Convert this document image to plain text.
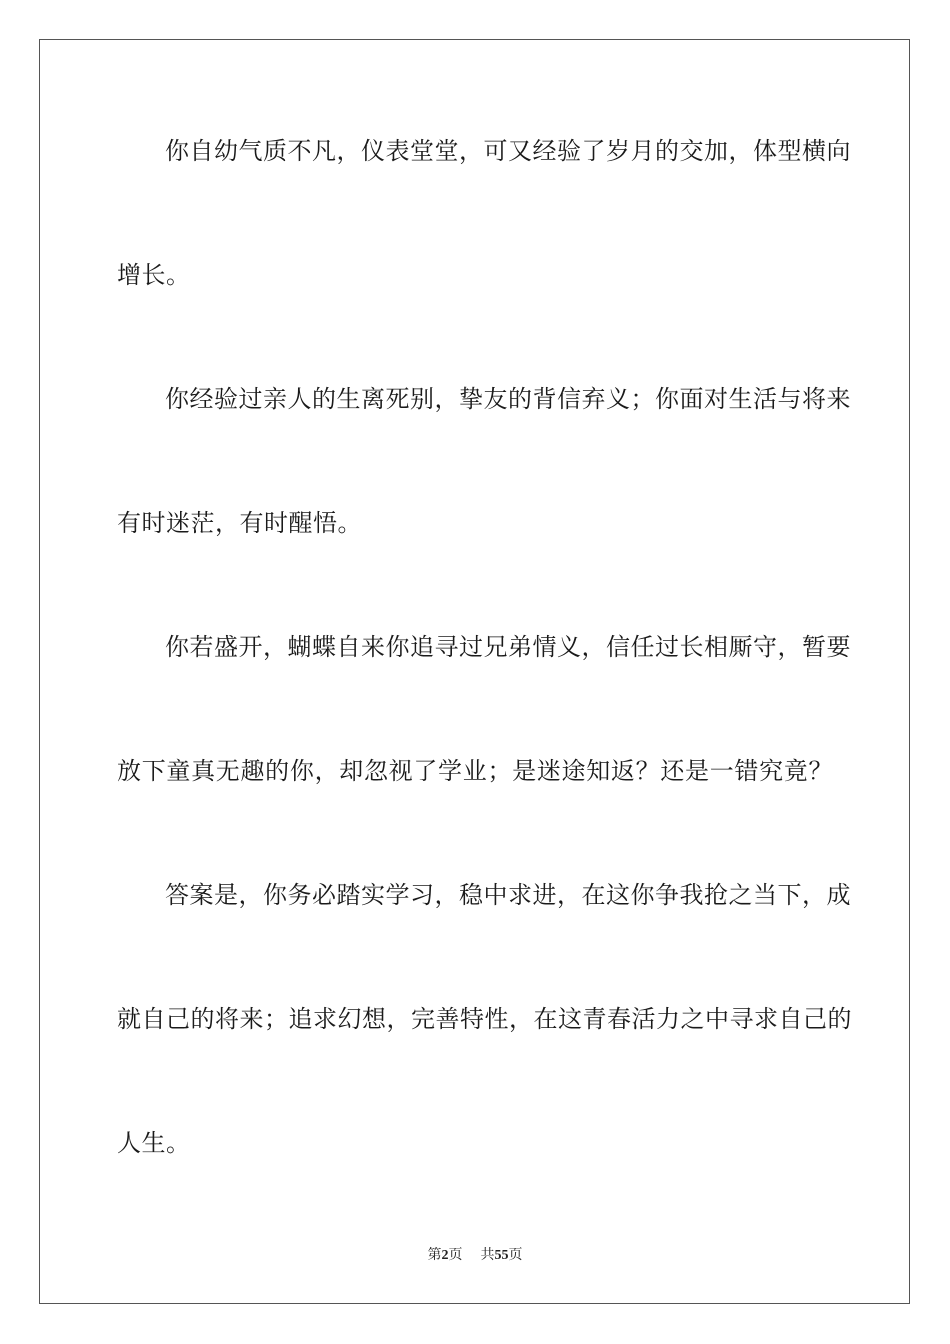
你自幼气质不凡，仪表堂堂，可又经验了岁月的交加，体型横向
增长。
你经验过亲人的生离死别，挚友的背信弃义；你面对生活与将来
有时迷茫，有时醒悟。
你若盛开，蝴蝶自来你追寻过兄弟情义，信任过长相厮守，暂要
放下童真无趣的你，却忽视了学业；是迷途知返？还是一错究竟？
答案是，你务必踏实学习，稳中求进，在这你争我抢之当下，成
就自己的将来；追求幻想，完善特性，在这青春活力之中寻求自己的
人生。
第2页 共55页
